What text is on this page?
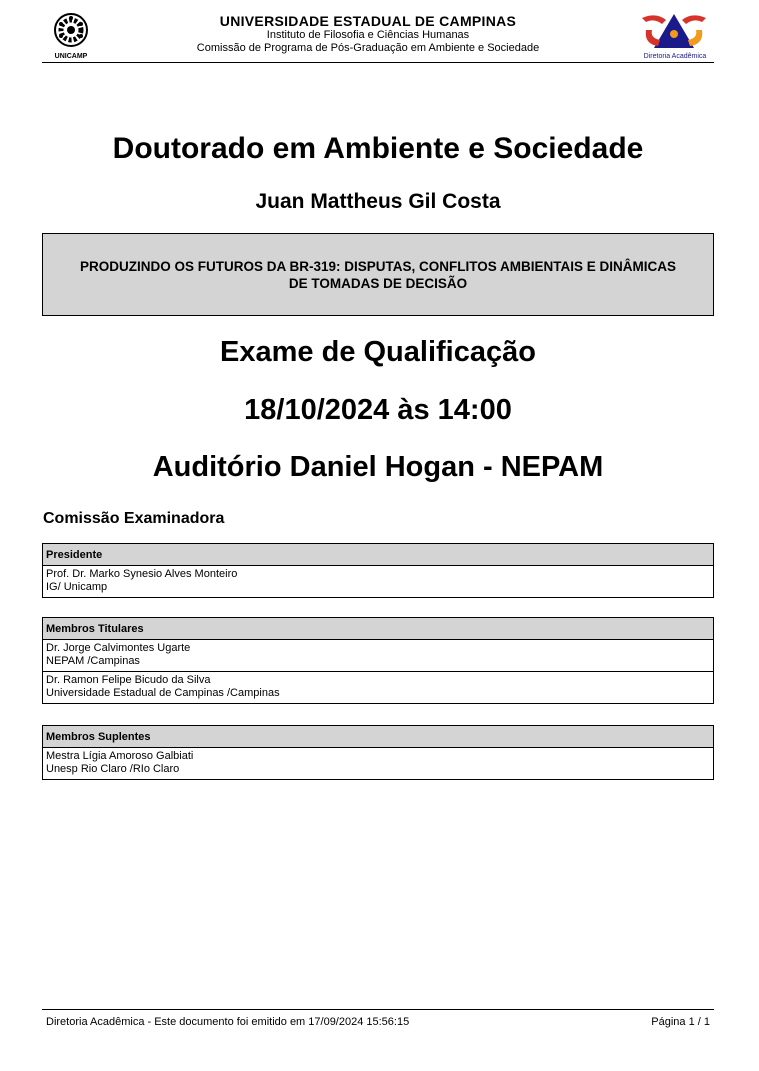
UNICAMP
UNIVERSIDADE ESTADUAL DE CAMPINAS
Instituto de Filosofia e Ciências Humanas
Comissão de Programa de Pós-Graduação em Ambiente e Sociedade
Diretoria Acadêmica
Doutorado em Ambiente e Sociedade
Juan Mattheus Gil Costa
PRODUZINDO OS FUTUROS DA BR-319: DISPUTAS, CONFLITOS AMBIENTAIS E DINÂMICAS DE TOMADAS DE DECISÃO
Exame de Qualificação
18/10/2024 às 14:00
Auditório Daniel Hogan - NEPAM
Comissão Examinadora
Presidente

Prof. Dr. Marko Synesio Alves Monteiro
IG/ Unicamp
Membros Titulares

Dr. Jorge Calvimontes Ugarte
NEPAM /Campinas

Dr. Ramon Felipe Bicudo da Silva
Universidade Estadual de Campinas /Campinas
Membros Suplentes

Mestra Lígia Amoroso Galbiati
Unesp Rio Claro /RIo Claro
Diretoria Acadêmica - Este documento foi emitido em 17/09/2024 15:56:15	Página 1 / 1
